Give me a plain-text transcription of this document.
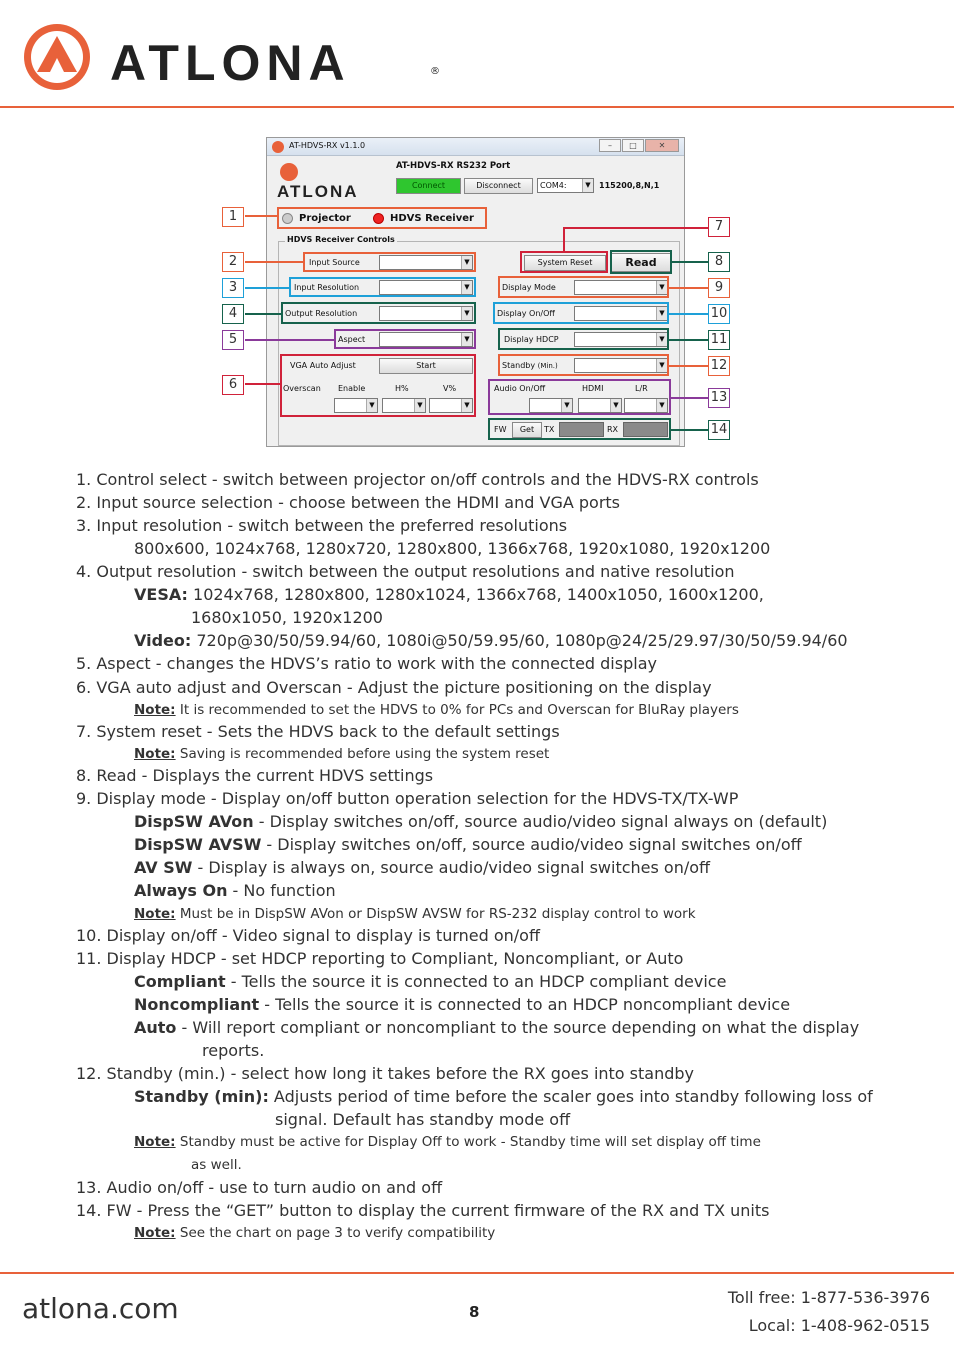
ATLONA	®
AT-HDVS-RX v1.1.0	–	□	✕
ATLONA
AT-HDVS-RX RS232 Port
Connect	Disconnect	COM4:	▼ 115200,8,N,1
Projector	HDVS Receiver
HDVS Receiver Controls
Input Source	▼
Input Resolution	▼
Output Resolution	▼
Aspect	▼
VGA Auto Adjust	Start
Overscan Enable	H%	V%
▼	▼	▼
System Reset	Read
Display Mode	▼
Display On/Off	▼
Display HDCP	▼
Standby (Min.)	▼
Audio On/Off	HDMI	L/R
▼	▼	▼
FW	Get	TX	RX
1
2
3
4
5
6
7
8
9
10
11
12
13
14
1. Control select - switch between projector on/off controls and the HDVS-RX controls
2. Input source selection - choose between the HDMI and VGA ports
3. Input resolution - switch between the preferred resolutions
800x600, 1024x768, 1280x720, 1280x800, 1366x768, 1920x1080, 1920x1200
4. Output resolution - switch between the output resolutions and native resolution
VESA: 1024x768, 1280x800, 1280x1024, 1366x768, 1400x1050, 1600x1200,
1680x1050, 1920x1200
Video: 720p@30/50/59.94/60, 1080i@50/59.95/60, 1080p@24/25/29.97/30/50/59.94/60
5. Aspect - changes the HDVS’s ratio to work with the connected display
6. VGA auto adjust and Overscan - Adjust the picture positioning on the display
Note: It is recommended to set the HDVS to 0% for PCs and Overscan for BluRay players
7. System reset - Sets the HDVS back to the default settings
Note: Saving is recommended before using the system reset
8. Read - Displays the current HDVS settings
9. Display mode - Display on/off button operation selection for the HDVS-TX/TX-WP
DispSW AVon - Display switches on/off, source audio/video signal always on (default)
DispSW AVSW - Display switches on/off, source audio/video signal switches on/off
AV SW - Display is always on, source audio/video signal switches on/off
Always On - No function
Note: Must be in DispSW AVon or DispSW AVSW for RS-232 display control to work
10. Display on/off - Video signal to display is turned on/off
11. Display HDCP - set HDCP reporting to Compliant, Noncompliant, or Auto
Compliant - Tells the source it is connected to an HDCP compliant device
Noncompliant - Tells the source it is connected to an HDCP noncompliant device
Auto - Will report compliant or noncompliant to the source depending on what the display
reports.
12. Standby (min.) - select how long it takes before the RX goes into standby
Standby (min): Adjusts period of time before the scaler goes into standby following loss of
signal. Default has standby mode off
Note: Standby must be active for Display Off to work - Standby time will set display off time
as well.
13. Audio on/off - use to turn audio on and off
14. FW - Press the “GET” button to display the current firmware of the RX and TX units
Note: See the chart on page 3 to verify compatibility
atlona.com	8
Toll free: 1-877-536-3976
Local: 1-408-962-0515
